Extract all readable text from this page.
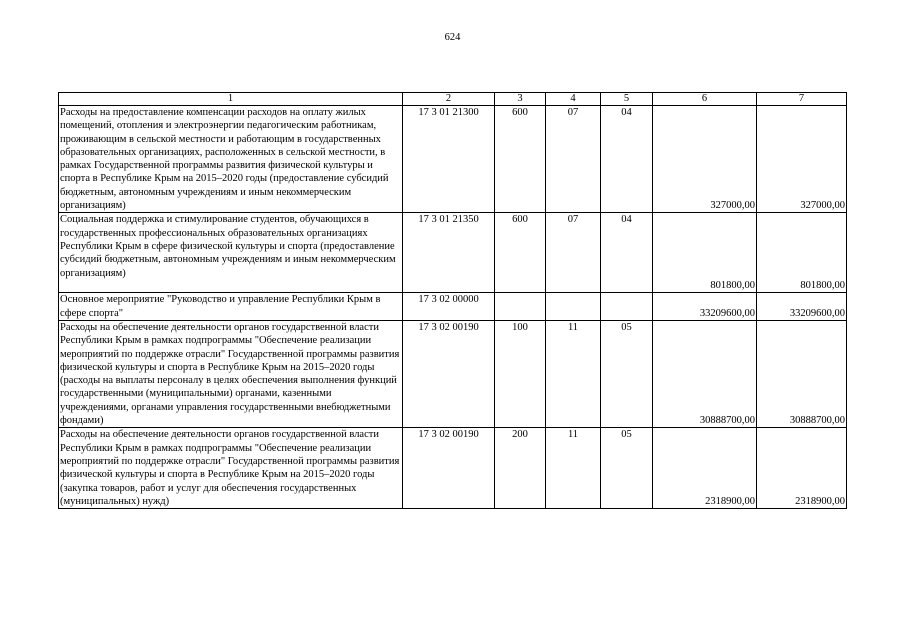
624
1	2	3	4	5	6	7
Расходы на предоставление компенсации расходов на оплату жилых помещений, отопления и электроэнергии педагогическим работникам, проживающим в сельской местности и работающим в государственных образовательных организациях, расположенных в сельской местности, в рамках Государственной программы развития физической культуры и спорта в Республике Крым на 2015–2020 годы (предоставление субсидий бюджетным, автономным учреждениям и иным некоммерческим организациям)	17 3 01 21300	600	07	04	327000,00	327000,00
Социальная поддержка и стимулирование студентов, обучающихся в государственных профессиональных образовательных организациях Республики Крым в сфере физической культуры и спорта (предоставление субсидий бюджетным, автономным учреждениям и иным некоммерческим организациям)	17 3 01 21350	600	07	04	801800,00	801800,00
Основное мероприятие "Руководство и управление Республики Крым в сфере спорта"	17 3 02 00000				33209600,00	33209600,00
Расходы на обеспечение деятельности органов государственной власти Республики Крым в рамках подпрограммы "Обеспечение реализации мероприятий по поддержке отрасли" Государственной программы развития физической культуры и спорта в Республике Крым на 2015–2020 годы (расходы на выплаты персоналу в целях обеспечения выполнения функций государственными (муниципальными) органами, казенными учреждениями, органами управления государственными внебюджетными фондами)	17 3 02 00190	100	11	05	30888700,00	30888700,00
Расходы на обеспечение деятельности органов государственной власти Республики Крым в рамках подпрограммы "Обеспечение реализации мероприятий по поддержке отрасли" Государственной программы развития физической культуры и спорта в Республике Крым на 2015–2020 годы (закупка товаров, работ и услуг для обеспечения государственных (муниципальных) нужд)	17 3 02 00190	200	11	05	2318900,00	2318900,00
